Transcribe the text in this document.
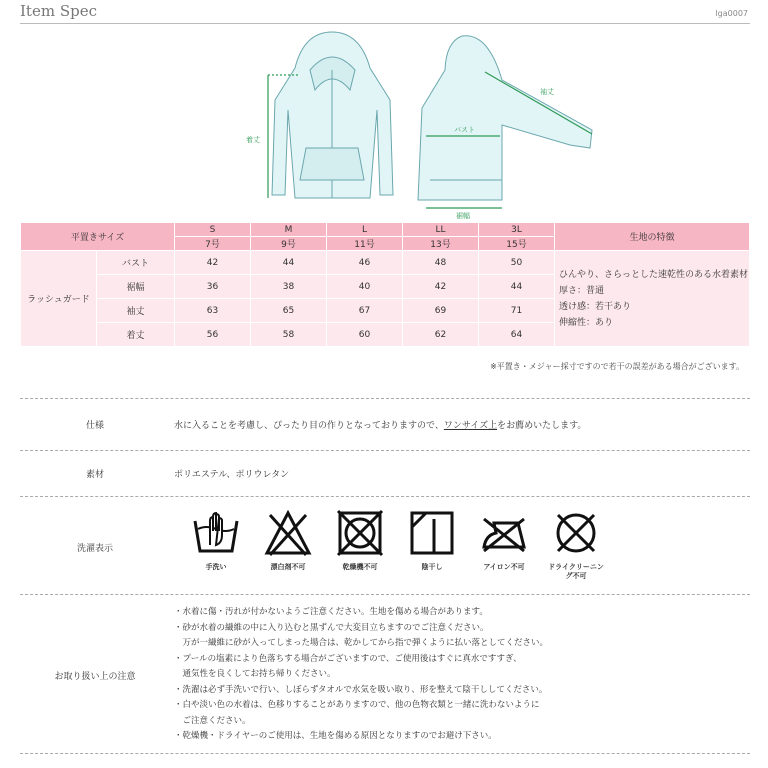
Item Spec	lga0007
着丈
バスト
袖丈
裾幅
平置きサイズ		S	M	L	LL	3L	生地の特徴
		7号	9号	11号	13号	15号	
ラッシュガード	バスト	42	44	46	48	50	ひんやり、さらっとした速乾性のある水着素材
厚さ：普通
透け感：若干あり
伸縮性：あり

	裾幅	36	38	40	42	44	
	袖丈	63	65	67	69	71	
	着丈	56	58	60	62	64	
※平置き・メジャー採寸ですので若干の誤差がある場合がございます。
仕様	水に入ることを考慮し、ぴったり目の作りとなっておりますので、ワンサイズ上をお薦めいたします。
素材	ポリエステル、ポリウレタン
洗濯表示
手洗い	漂白剤不可	乾燥機不可	陰干し	アイロン不可	ドライクリーニング不可
お取り扱い上の注意
・水着に傷・汚れが付かないようご注意ください。生地を傷める場合があります。
・砂が水着の繊維の中に入り込むと黒ずんで大変目立ちますのでご注意ください。
　万が一繊維に砂が入ってしまった場合は、乾かしてから指で弾くように払い落としてください。
・プールの塩素により色落ちする場合がございますので、ご使用後はすぐに真水ですすぎ、
　通気性を良くしてお持ち帰りください。
・洗濯は必ず手洗いで行い、しぼらずタオルで水気を吸い取り、形を整えて陰干ししてください。
・白や淡い色の水着は、色移りすることがありますので、他の色物衣類と一緒に洗わないように
　ご注意ください。
・乾燥機・ドライヤーのご使用は、生地を傷める原因となりますのでお避け下さい。
